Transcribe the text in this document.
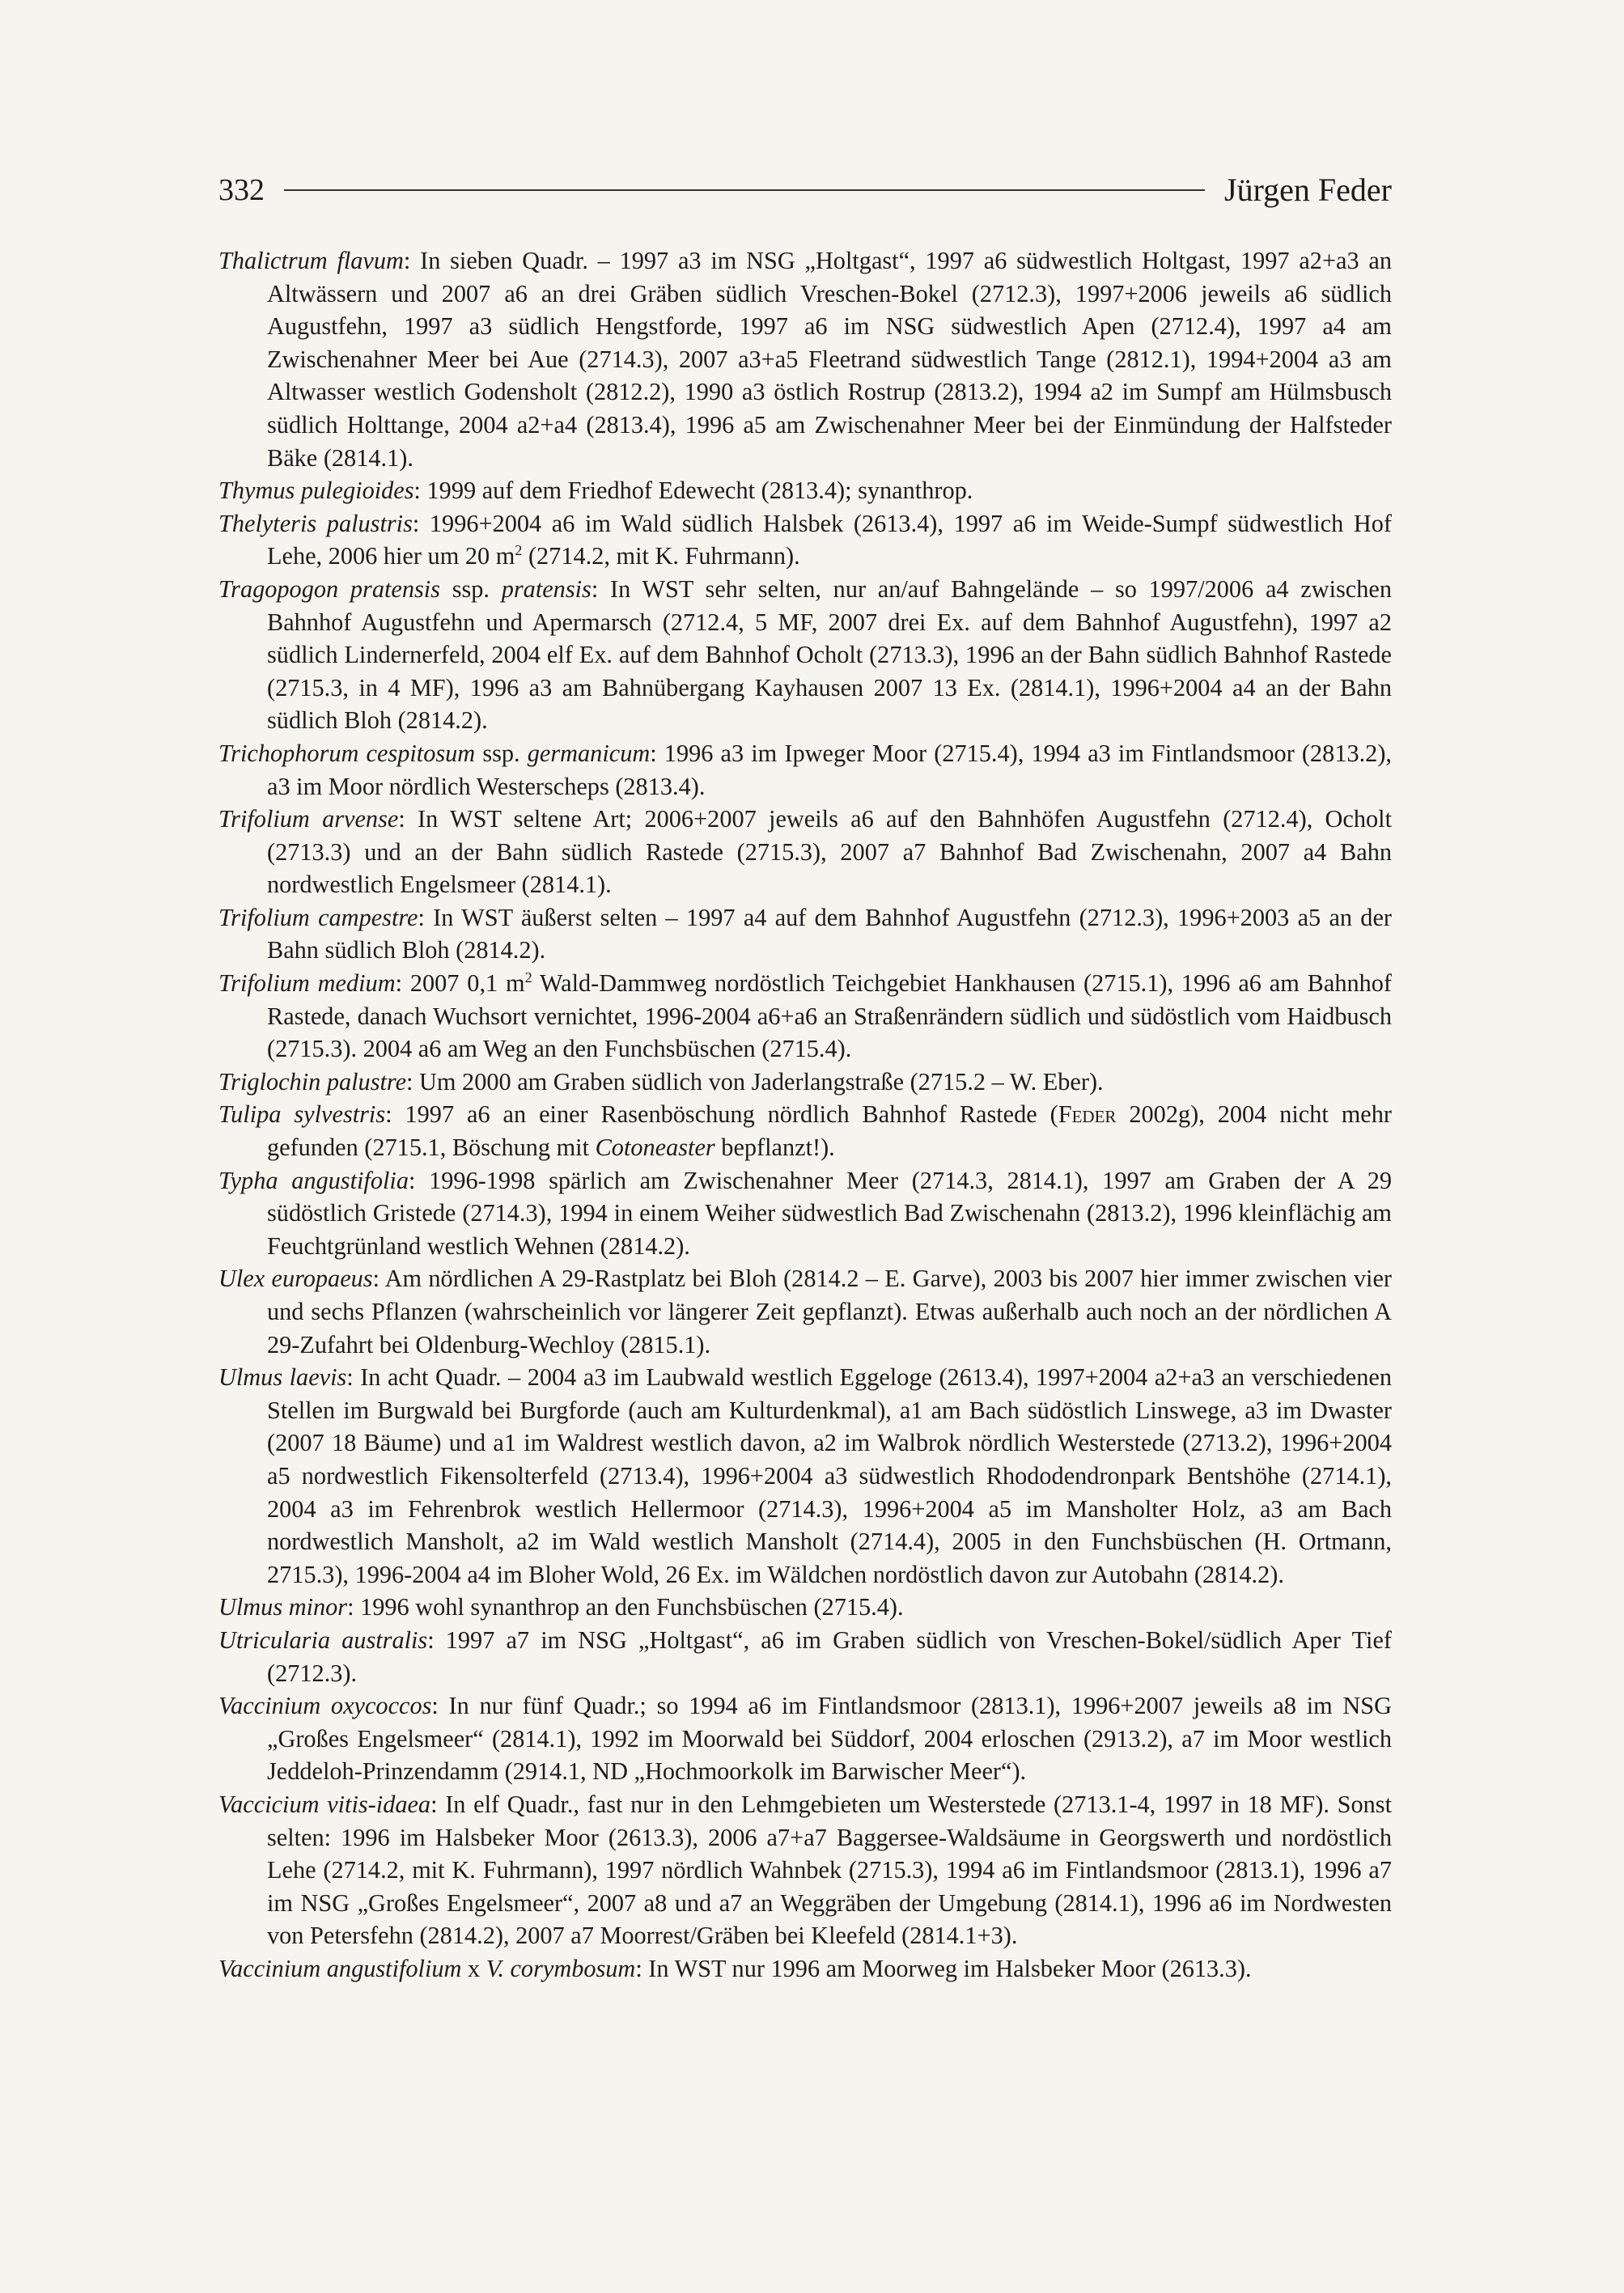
332	Jürgen Feder

Thalictrum flavum: In sieben Quadr. – 1997 a3 im NSG „Holtgast“, 1997 a6 südwestlich Holtgast, 1997 a2+a3 an Altwässern und 2007 a6 an drei Gräben südlich Vreschen-Bokel (2712.3), 1997+2006 jeweils a6 südlich Augustfehn, 1997 a3 südlich Hengstforde, 1997 a6 im NSG südwestlich Apen (2712.4), 1997 a4 am Zwischenahner Meer bei Aue (2714.3), 2007 a3+a5 Fleetrand südwestlich Tange (2812.1), 1994+2004 a3 am Altwasser westlich Godensholt (2812.2), 1990 a3 östlich Rostrup (2813.2), 1994 a2 im Sumpf am Hülmsbusch südlich Holttange, 2004 a2+a4 (2813.4), 1996 a5 am Zwischenahner Meer bei der Einmündung der Halfsteder Bäke (2814.1).

Thymus pulegioides: 1999 auf dem Friedhof Edewecht (2813.4); synanthrop.

Thelyteris palustris: 1996+2004 a6 im Wald südlich Halsbek (2613.4), 1997 a6 im Weide-Sumpf südwestlich Hof Lehe, 2006 hier um 20 $m^2$ (2714.2, mit K. Fuhrmann).

Tragopogon pratensis ssp. pratensis: In WST sehr selten, nur an/auf Bahngelände – so 1997/2006 a4 zwischen Bahnhof Augustfehn und Apermarsch (2712.4, 5 MF, 2007 drei Ex. auf dem Bahnhof Augustfehn), 1997 a2 südlich Lindernerfeld, 2004 elf Ex. auf dem Bahnhof Ocholt (2713.3), 1996 an der Bahn südlich Bahnhof Rastede (2715.3, in 4 MF), 1996 a3 am Bahnübergang Kayhausen 2007 13 Ex. (2814.1), 1996+2004 a4 an der Bahn südlich Bloh (2814.2).

Trichophorum cespitosum ssp. germanicum: 1996 a3 im Ipweger Moor (2715.4), 1994 a3 im Fintlandsmoor (2813.2), a3 im Moor nördlich Westerscheps (2813.4).

Trifolium arvense: In WST seltene Art; 2006+2007 jeweils a6 auf den Bahnhöfen Augustfehn (2712.4), Ocholt (2713.3) und an der Bahn südlich Rastede (2715.3), 2007 a7 Bahnhof Bad Zwischenahn, 2007 a4 Bahn nordwestlich Engelsmeer (2814.1).

Trifolium campestre: In WST äußerst selten – 1997 a4 auf dem Bahnhof Augustfehn (2712.3), 1996+2003 a5 an der Bahn südlich Bloh (2814.2).

Trifolium medium: 2007 0,1 $m^2$ Wald-Dammweg nordöstlich Teichgebiet Hankhausen (2715.1), 1996 a6 am Bahnhof Rastede, danach Wuchsort vernichtet, 1996-2004 a6+a6 an Straßenrändern südlich und südöstlich vom Haidbusch (2715.3). 2004 a6 am Weg an den Funchsbüschen (2715.4).

Triglochin palustre: Um 2000 am Graben südlich von Jaderlangstraße (2715.2 – W. Eber).

Tulipa sylvestris: 1997 a6 an einer Rasenböschung nördlich Bahnhof Rastede (Feder 2002g), 2004 nicht mehr gefunden (2715.1, Böschung mit Cotoneaster bepflanzt!).

Typha angustifolia: 1996-1998 spärlich am Zwischenahner Meer (2714.3, 2814.1), 1997 am Graben der A 29 südöstlich Gristede (2714.3), 1994 in einem Weiher südwestlich Bad Zwischenahn (2813.2), 1996 kleinflächig am Feuchtgrünland westlich Wehnen (2814.2).

Ulex europaeus: Am nördlichen A 29-Rastplatz bei Bloh (2814.2 – E. Garve), 2003 bis 2007 hier immer zwischen vier und sechs Pflanzen (wahrscheinlich vor längerer Zeit gepflanzt). Etwas außerhalb auch noch an der nördlichen A 29-Zufahrt bei Oldenburg-Wechloy (2815.1).

Ulmus laevis: In acht Quadr. – 2004 a3 im Laubwald westlich Eggeloge (2613.4), 1997+2004 a2+a3 an verschiedenen Stellen im Burgwald bei Burgforde (auch am Kulturdenkmal), a1 am Bach südöstlich Linswege, a3 im Dwaster (2007 18 Bäume) und a1 im Waldrest westlich davon, a2 im Walbrok nördlich Westerstede (2713.2), 1996+2004 a5 nordwestlich Fikensolterfeld (2713.4), 1996+2004 a3 südwestlich Rhododendronpark Bentshöhe (2714.1), 2004 a3 im Fehrenbrok westlich Hellermoor (2714.3), 1996+2004 a5 im Mansholter Holz, a3 am Bach nordwestlich Mansholt, a2 im Wald westlich Mansholt (2714.4), 2005 in den Funchsbüschen (H. Ortmann, 2715.3), 1996-2004 a4 im Bloher Wold, 26 Ex. im Wäldchen nordöstlich davon zur Autobahn (2814.2).

Ulmus minor: 1996 wohl synanthrop an den Funchsbüschen (2715.4).

Utricularia australis: 1997 a7 im NSG „Holtgast“, a6 im Graben südlich von Vreschen-Bokel/südlich Aper Tief (2712.3).

Vaccinium oxycoccos: In nur fünf Quadr.; so 1994 a6 im Fintlandsmoor (2813.1), 1996+2007 jeweils a8 im NSG „Großes Engelsmeer“ (2814.1), 1992 im Moorwald bei Süddorf, 2004 erloschen (2913.2), a7 im Moor westlich Jeddeloh-Prinzendamm (2914.1, ND „Hochmoorkolk im Barwischer Meer“).

Vaccicium vitis-idaea: In elf Quadr., fast nur in den Lehmgebieten um Westerstede (2713.1-4, 1997 in 18 MF). Sonst selten: 1996 im Halsbeker Moor (2613.3), 2006 a7+a7 Baggersee-Waldsäume in Georgswerth und nordöstlich Lehe (2714.2, mit K. Fuhrmann), 1997 nördlich Wahnbek (2715.3), 1994 a6 im Fintlandsmoor (2813.1), 1996 a7 im NSG „Großes Engelsmeer“, 2007 a8 und a7 an Weggräben der Umgebung (2814.1), 1996 a6 im Nordwesten von Petersfehn (2814.2), 2007 a7 Moorrest/Gräben bei Kleefeld (2814.1+3).

Vaccinium angustifolium x V. corymbosum: In WST nur 1996 am Moorweg im Halsbeker Moor (2613.3).
